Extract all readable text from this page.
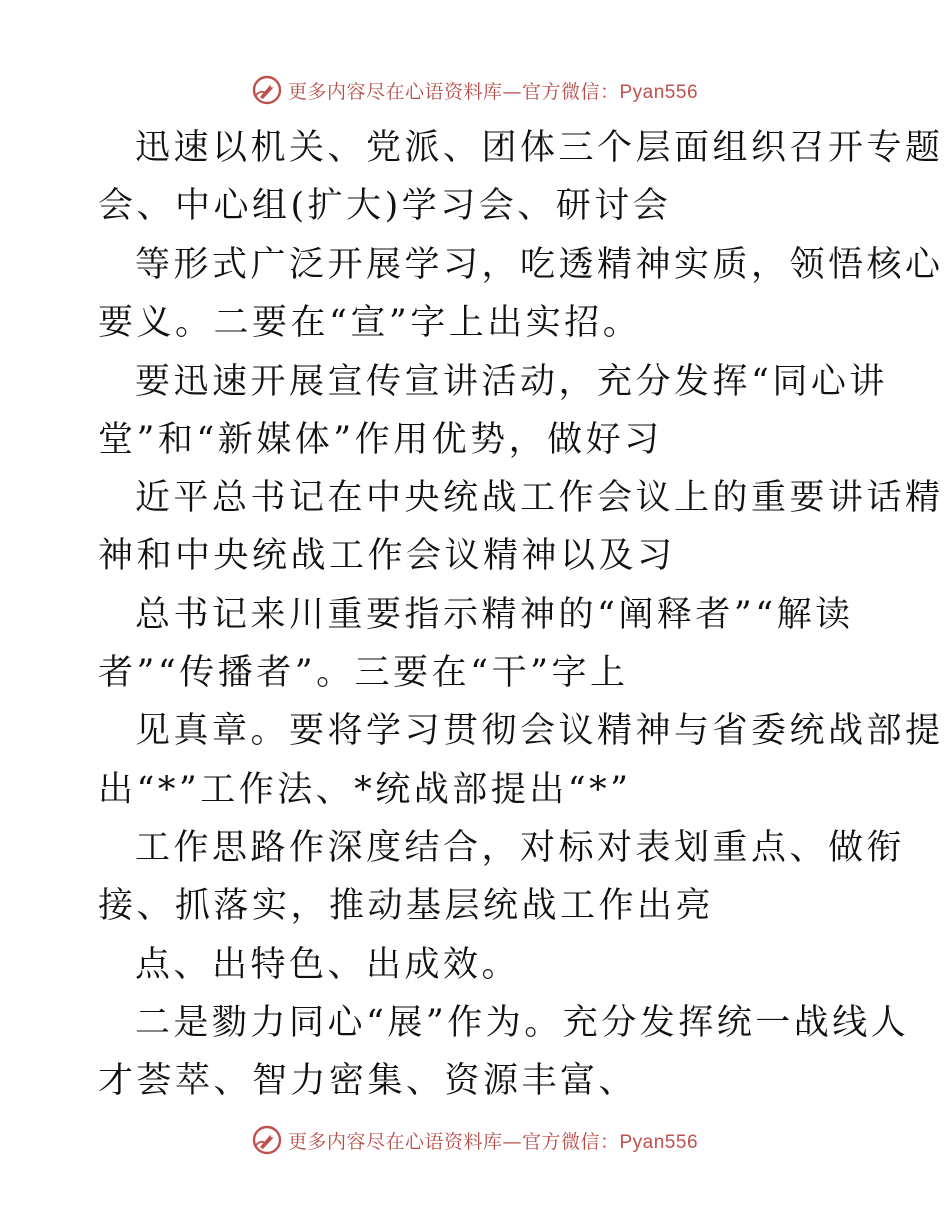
更多内容尽在心语资料库—官方微信：Pyan556
迅速以机关、党派、团体三个层面组织召开专题
会、中心组(扩大)学习会、研讨会
等形式广泛开展学习，吃透精神实质，领悟核心
要义。二要在“宣”字上出实招。
要迅速开展宣传宣讲活动，充分发挥“同心讲
堂”和“新媒体”作用优势，做好习
近平总书记在中央统战工作会议上的重要讲话精
神和中央统战工作会议精神以及习
总书记来川重要指示精神的“阐释者”“解读
者”“传播者”。三要在“干”字上
见真章。要将学习贯彻会议精神与省委统战部提
出“*”工作法、*统战部提出“*”
工作思路作深度结合，对标对表划重点、做衔
接、抓落实，推动基层统战工作出亮
点、出特色、出成效。
二是勠力同心“展”作为。充分发挥统一战线人
才荟萃、智力密集、资源丰富、
更多内容尽在心语资料库—官方微信：Pyan556
